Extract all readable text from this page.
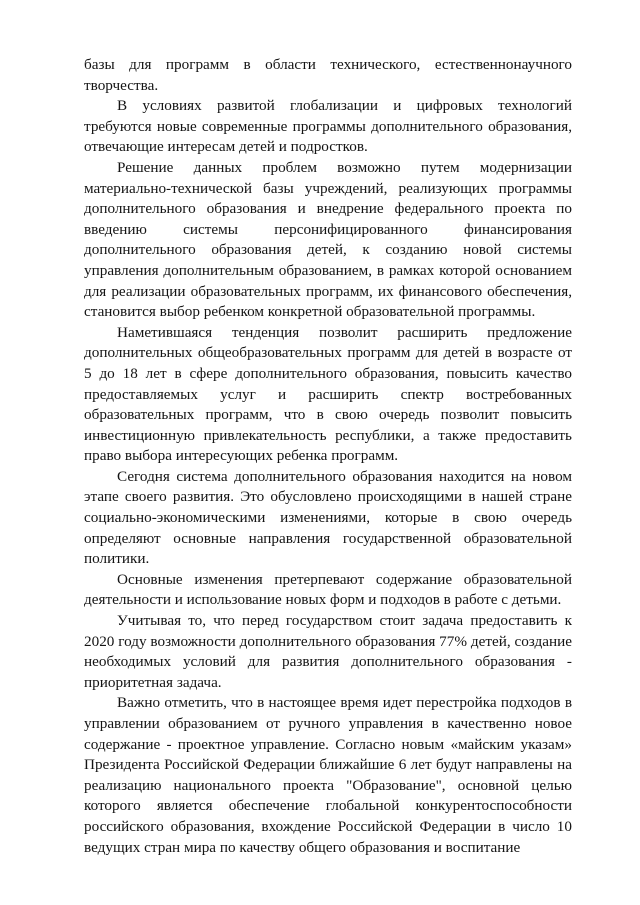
базы для программ в области технического, естественнонаучного творчества.

В условиях развитой глобализации и цифровых технологий требуются новые современные программы дополнительного образования, отвечающие интересам детей и подростков.

Решение данных проблем возможно путем модернизации материально-технической базы учреждений, реализующих программы дополнительного образования и внедрение федерального проекта по введению системы персонифицированного финансирования дополнительного образования детей, к созданию новой системы управления дополнительным образованием, в рамках которой основанием для реализации образовательных программ, их финансового обеспечения, становится выбор ребенком конкретной образовательной программы.

Наметившаяся тенденция позволит расширить предложение дополнительных общеобразовательных программ для детей в возрасте от 5 до 18 лет в сфере дополнительного образования, повысить качество предоставляемых услуг и расширить спектр востребованных образовательных программ, что в свою очередь позволит повысить инвестиционную привлекательность республики, а также предоставить право выбора интересующих ребенка программ.

Сегодня система дополнительного образования находится на новом этапе своего развития. Это обусловлено происходящими в нашей стране социально-экономическими изменениями, которые в свою очередь определяют основные направления государственной образовательной политики.

Основные изменения претерпевают содержание образовательной деятельности и использование новых форм и подходов в работе с детьми.

Учитывая то, что перед государством стоит задача предоставить к 2020 году возможности дополнительного образования 77% детей, создание необходимых условий для развития дополнительного образования - приоритетная задача.

Важно отметить, что в настоящее время идет перестройка подходов в управлении образованием от ручного управления в качественно новое содержание - проектное управление. Согласно новым «майским указам» Президента Российской Федерации ближайшие 6 лет будут направлены на реализацию национального проекта "Образование", основной целью которого является обеспечение глобальной конкурентоспособности российского образования, вхождение Российской Федерации в число 10 ведущих стран мира по качеству общего образования и воспитание
